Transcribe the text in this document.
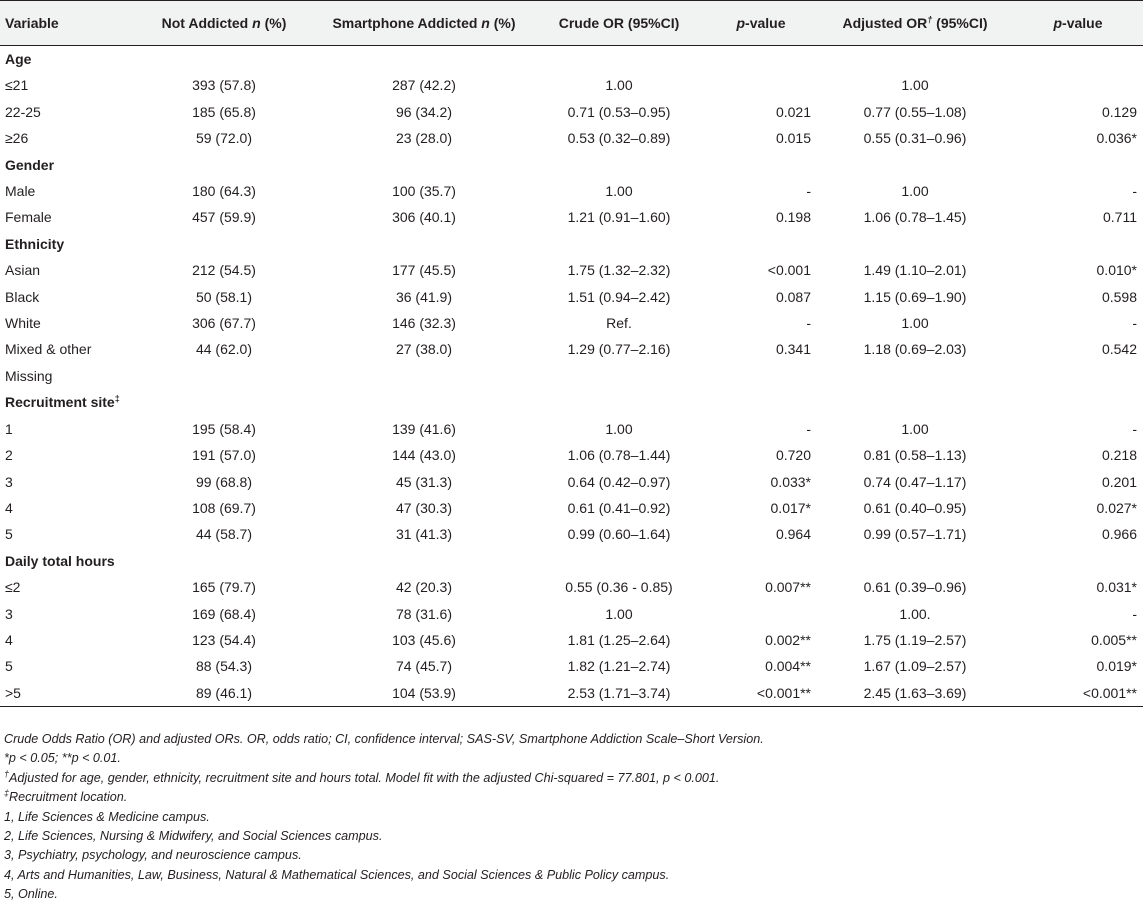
Variable	Not Addicted n (%)	Smartphone Addicted n (%)	Crude OR (95%CI)	p-value	Adjusted OR† (95%CI)	p-value
Age						
≤21	393 (57.8)	287 (42.2)	1.00		1.00	
22-25	185 (65.8)	96 (34.2)	0.71 (0.53–0.95)	0.021	0.77 (0.55–1.08)	0.129
≥26	59 (72.0)	23 (28.0)	0.53 (0.32–0.89)	0.015	0.55 (0.31–0.96)	0.036*
Gender						
Male	180 (64.3)	100 (35.7)	1.00	-	1.00	-
Female	457 (59.9)	306 (40.1)	1.21 (0.91–1.60)	0.198	1.06 (0.78–1.45)	0.711
Ethnicity						
Asian	212 (54.5)	177 (45.5)	1.75 (1.32–2.32)	<0.001	1.49 (1.10–2.01)	0.010*
Black	50 (58.1)	36 (41.9)	1.51 (0.94–2.42)	0.087	1.15 (0.69–1.90)	0.598
White	306 (67.7)	146 (32.3)	Ref.	-	1.00	-
Mixed & other	44 (62.0)	27 (38.0)	1.29 (0.77–2.16)	0.341	1.18 (0.69–2.03)	0.542
Missing						
Recruitment site‡
1	195 (58.4)	139 (41.6)	1.00	-	1.00	-
2	191 (57.0)	144 (43.0)	1.06 (0.78–1.44)	0.720	0.81 (0.58–1.13)	0.218
3	99 (68.8)	45 (31.3)	0.64 (0.42–0.97)	0.033*	0.74 (0.47–1.17)	0.201
4	108 (69.7)	47 (30.3)	0.61 (0.41–0.92)	0.017*	0.61 (0.40–0.95)	0.027*
5	44 (58.7)	31 (41.3)	0.99 (0.60–1.64)	0.964	0.99 (0.57–1.71)	0.966
Daily total hours						
≤2	165 (79.7)	42 (20.3)	0.55 (0.36 - 0.85)	0.007**	0.61 (0.39–0.96)	0.031*
3	169 (68.4)	78 (31.6)	1.00		1.00.	-
4	123 (54.4)	103 (45.6)	1.81 (1.25–2.64)	0.002**	1.75 (1.19–2.57)	0.005**
5	88 (54.3)	74 (45.7)	1.82 (1.21–2.74)	0.004**	1.67 (1.09–2.57)	0.019*
>5	89 (46.1)	104 (53.9)	2.53 (1.71–3.74)	<0.001**	2.45 (1.63–3.69)	<0.001**
Crude Odds Ratio (OR) and adjusted ORs. OR, odds ratio; CI, confidence interval; SAS-SV, Smartphone Addiction Scale–Short Version.
*p < 0.05; **p < 0.01.
†Adjusted for age, gender, ethnicity, recruitment site and hours total. Model fit with the adjusted Chi-squared = 77.801, p < 0.001.
‡Recruitment location.
1, Life Sciences & Medicine campus.
2, Life Sciences, Nursing & Midwifery, and Social Sciences campus.
3, Psychiatry, psychology, and neuroscience campus.
4, Arts and Humanities, Law, Business, Natural & Mathematical Sciences, and Social Sciences & Public Policy campus.
5, Online.
